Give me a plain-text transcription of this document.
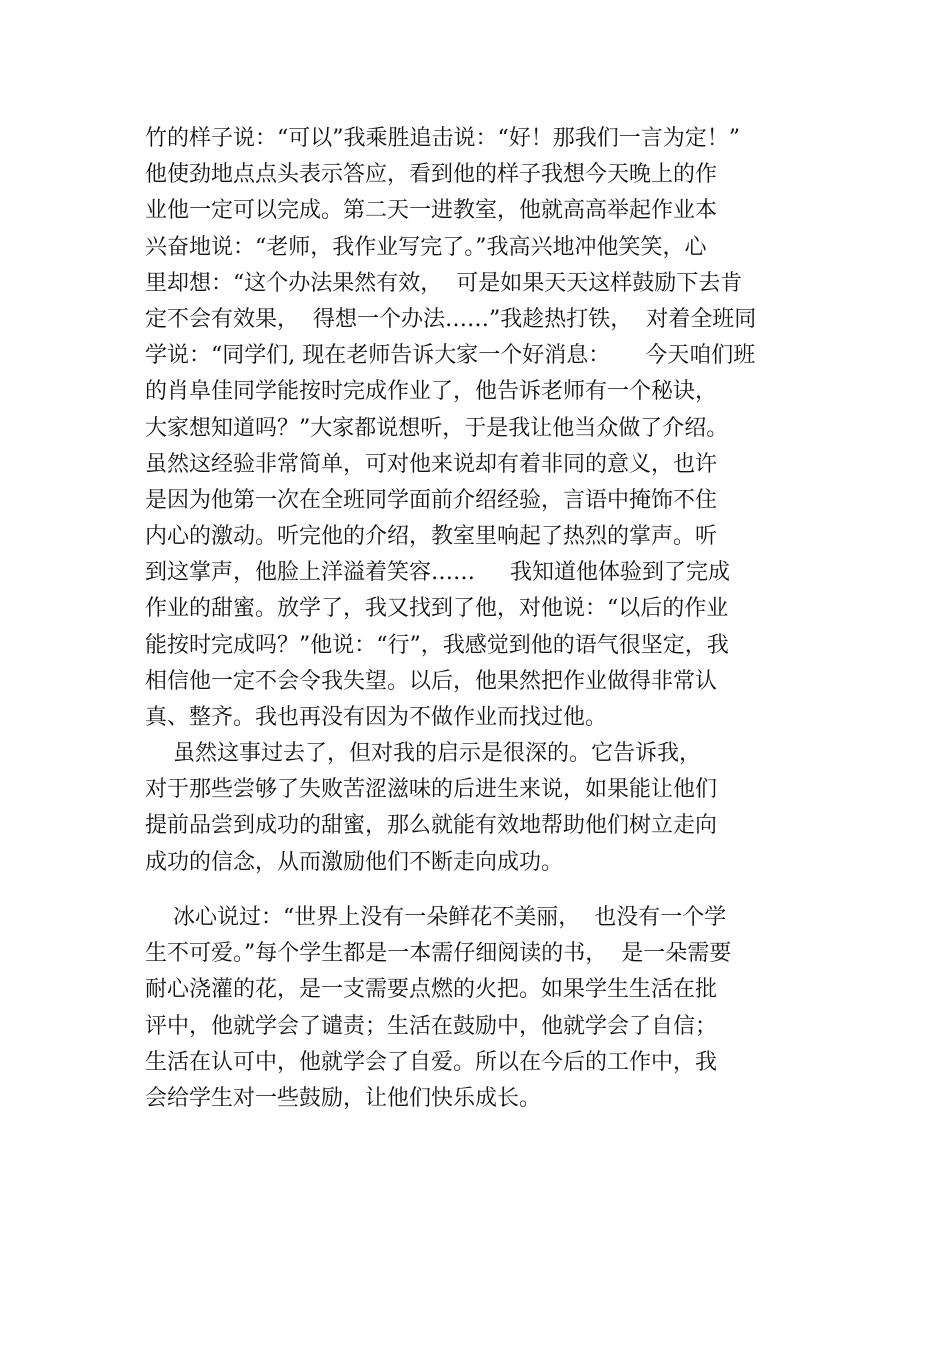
竹的样子说：“可以”我乘胜追击说：“好！那我们一言为定！”
他使劲地点点头表示答应，看到他的样子我想今天晚上的作
业他一定可以完成。第二天一进教室，他就高高举起作业本
兴奋地说：“老师，我作业写完了。”我高兴地冲他笑笑，心
里却想：“这个办法果然有效，  可是如果天天这样鼓励下去肯
定不会有效果，  得想一个办法……”我趁热打铁，  对着全班同
学说：“同学们, 现在老师告诉大家一个好消息：     今天咱们班
的肖阜佳同学能按时完成作业了，他告诉老师有一个秘诀，
大家想知道吗？”大家都说想听，于是我让他当众做了介绍。
虽然这经验非常简单，可对他来说却有着非同的意义，也许
是因为他第一次在全班同学面前介绍经验，言语中掩饰不住
内心的激动。听完他的介绍，教室里响起了热烈的掌声。听
到这掌声，他脸上洋溢着笑容……     我知道他体验到了完成
作业的甜蜜。放学了，我又找到了他，对他说：“以后的作业
能按时完成吗？”他说：“行”，我感觉到他的语气很坚定，我
相信他一定不会令我失望。以后，他果然把作业做得非常认
真、整齐。我也再没有因为不做作业而找过他。
虽然这事过去了，但对我的启示是很深的。它告诉我，
对于那些尝够了失败苦涩滋味的后进生来说，如果能让他们
提前品尝到成功的甜蜜，那么就能有效地帮助他们树立走向
成功的信念，从而激励他们不断走向成功。
冰心说过：“世界上没有一朵鲜花不美丽，  也没有一个学
生不可爱。”每个学生都是一本需仔细阅读的书，  是一朵需要
耐心浇灌的花，是一支需要点燃的火把。如果学生生活在批
评中，他就学会了谴责；生活在鼓励中，他就学会了自信；
生活在认可中，他就学会了自爱。所以在今后的工作中，我
会给学生对一些鼓励，让他们快乐成长。
